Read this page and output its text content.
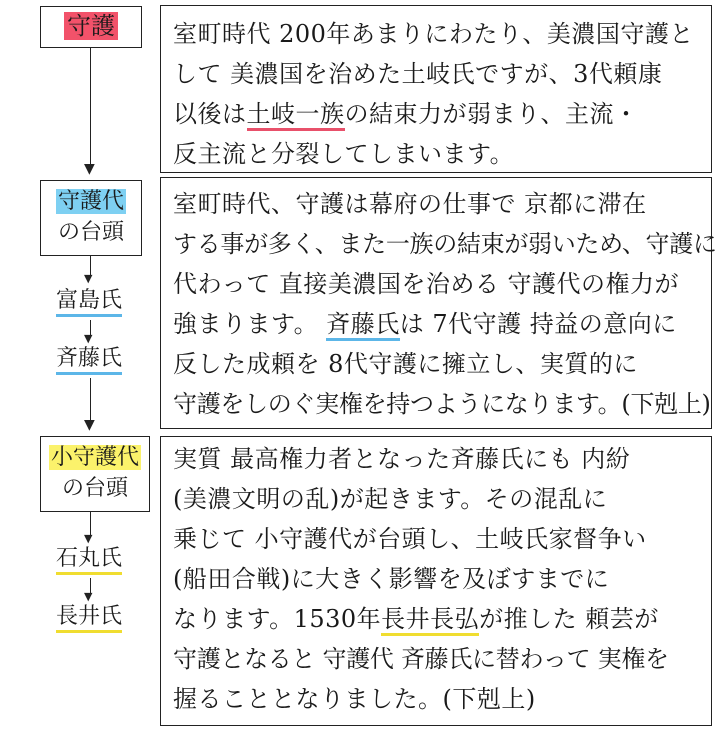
守護	室町時代 200年あまりにわたり、美濃国守護と

して 美濃国を治めた土岐氏ですが、3代頼康

以後は土岐一族の結束力が弱まり、主流・

反主流と分裂してしまいます。

▼
守護代
の台頭

室町時代、守護は幕府の仕事で 京都に滞在

する事が多く、また一族の結束が弱いため、守護に

代わって 直接美濃国を治める 守護代の権力が

強まります。 斉藤氏は 7代守護 持益の意向に

反した成頼を 8代守護に擁立し、実質的に

守護をしのぐ実権を持つようになります。(下剋上)

▼
富島氏
▼
斉藤氏
▼
小守護代
の台頭

実質 最高権力者となった斉藤氏にも 内紛

(美濃文明の乱)が起きます。その混乱に

乗じて 小守護代が台頭し、土岐氏家督争い

(船田合戦)に大きく影響を及ぼすまでに

なります。1530年長井長弘が推した 頼芸が

守護となると 守護代 斉藤氏に替わって 実権を

握ることとなりました。(下剋上)

▼
石丸氏
▼
長井氏
